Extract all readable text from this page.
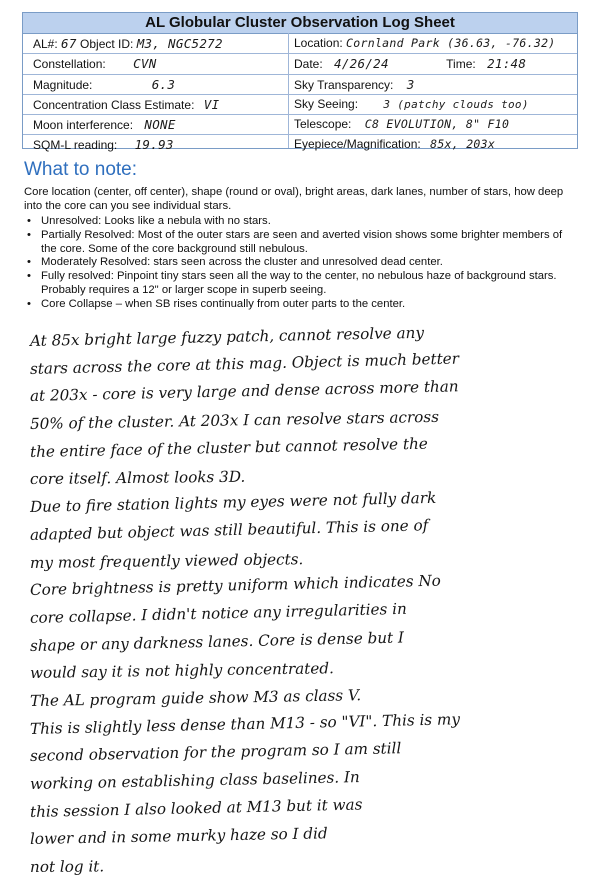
AL Globular Cluster Observation Log Sheet
AL#: 67 Object ID: M3, NGC5272	Location: Cornland Park (36.63, -76.32)
Constellation: CVN	Date: 4/26/24	Time: 21:48
Magnitude:	6.3	Sky Transparency: 3
Concentration Class Estimate: VI	Sky Seeing: 3 (patchy clouds too)
Moon interference: NONE	Telescope: C8 EVOLUTION, 8" F10
SQM-L reading: 19.93	Eyepiece/Magnification: 85x, 203x
What to note:
Core location (center, off center), shape (round or oval), bright areas, dark lanes, number of stars, how deep into the core can you see individual stars.
• Unresolved: Looks like a nebula with no stars.
• Partially Resolved: Most of the outer stars are seen and averted vision shows some brighter members of the core. Some of the core background still nebulous.
• Moderately Resolved: stars seen across the cluster and unresolved dead center.
• Fully resolved: Pinpoint tiny stars seen all the way to the center, no nebulous haze of background stars. Probably requires a 12" or larger scope in superb seeing.
• Core Collapse – when SB rises continually from outer parts to the center.
At 85x bright large fuzzy patch, cannot resolve any
stars across the core at this mag. Object is much better
at 203x - core is very large and dense across more than
50% of the cluster. At 203x I can resolve stars across
the entire face of the cluster but cannot resolve the
core itself. Almost looks 3D.
Due to fire station lights my eyes were not fully dark
adapted but object was still beautiful. This is one of
my most frequently viewed objects.
Core brightness is pretty uniform which indicates No
core collapse. I didn't notice any irregularities in
shape or any darkness lanes. Core is dense but I
would say it is not highly concentrated.
The AL program guide show M3 as class V.
This is slightly less dense than M13 - so "VI". This is my
second observation for the program so I am still
working on establishing class baselines. In
this session I also looked at M13 but it was
lower and in some murky haze so I did
not log it.
